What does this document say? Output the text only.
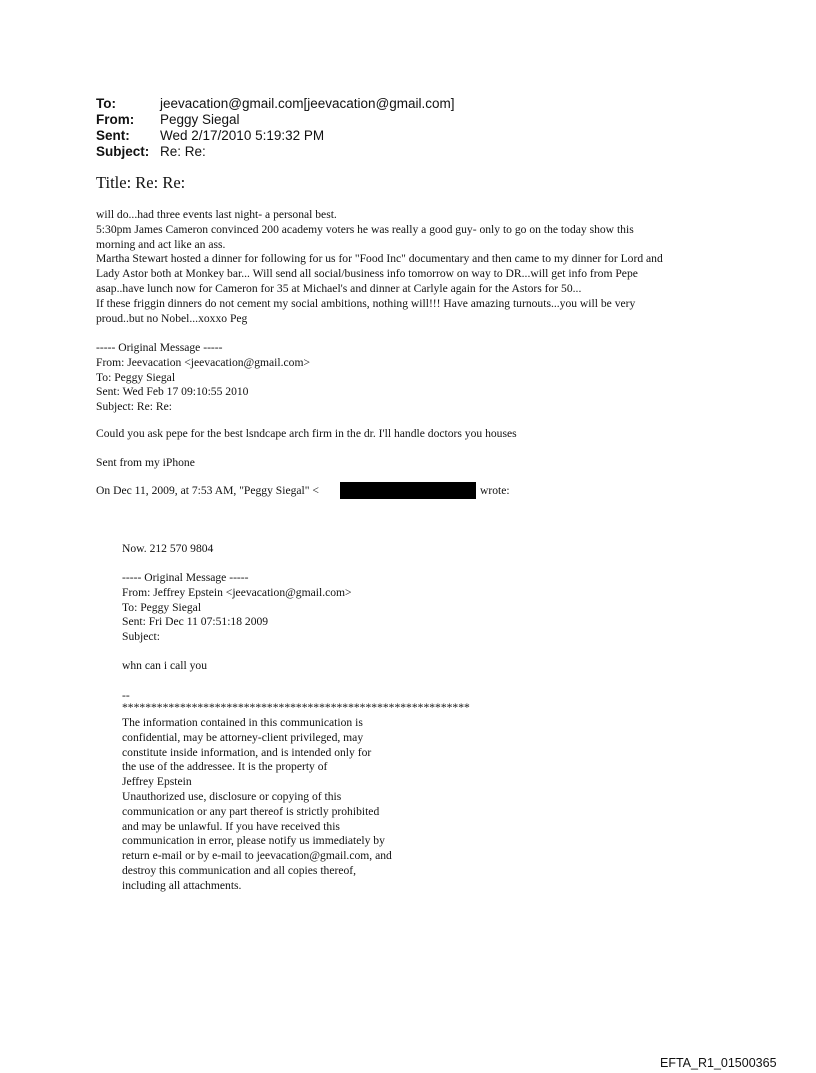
To:	jeevacation@gmail.com[jeevacation@gmail.com]
From:	Peggy Siegal
Sent:	Wed 2/17/2010 5:19:32 PM
Subject: Re: Re:
Title: Re: Re:
will do...had three events last night- a personal best.
5:30pm James Cameron convinced 200 academy voters he was really a good guy- only to go on the today show this
morning and act like an ass.
Martha Stewart hosted a dinner for following for us for "Food Inc" documentary and then came to my dinner for Lord and
Lady Astor both at Monkey bar... Will send all social/business info tomorrow on way to DR...will get info from Pepe
asap..have lunch now for Cameron for 35 at Michael's and dinner at Carlyle again for the Astors for 50...
If these friggin dinners do not cement my social ambitions, nothing will!!! Have amazing turnouts...you will be very
proud..but no Nobel...xoxxo Peg
----- Original Message -----
From: Jeevacation <jeevacation@gmail.com>
To: Peggy Siegal
Sent: Wed Feb 17 09:10:55 2010
Subject: Re: Re:
Could you ask pepe for the best lsndcape arch firm in the dr. I'll handle doctors you houses
Sent from my iPhone
On Dec 11, 2009, at 7:53 AM, "Peggy Siegal" <	wrote:
Now. 212 570 9804
----- Original Message -----
From: Jeffrey Epstein <jeevacation@gmail.com>
To: Peggy Siegal
Sent: Fri Dec 11 07:51:18 2009
Subject:
whn can i call you
--
************************************************************
The information contained in this communication is
confidential, may be attorney-client privileged, may
constitute inside information, and is intended only for
the use of the addressee. It is the property of
Jeffrey Epstein
Unauthorized use, disclosure or copying of this
communication or any part thereof is strictly prohibited
and may be unlawful. If you have received this
communication in error, please notify us immediately by
return e-mail or by e-mail to jeevacation@gmail.com, and
destroy this communication and all copies thereof,
including all attachments.
EFTA_R1_01500365
